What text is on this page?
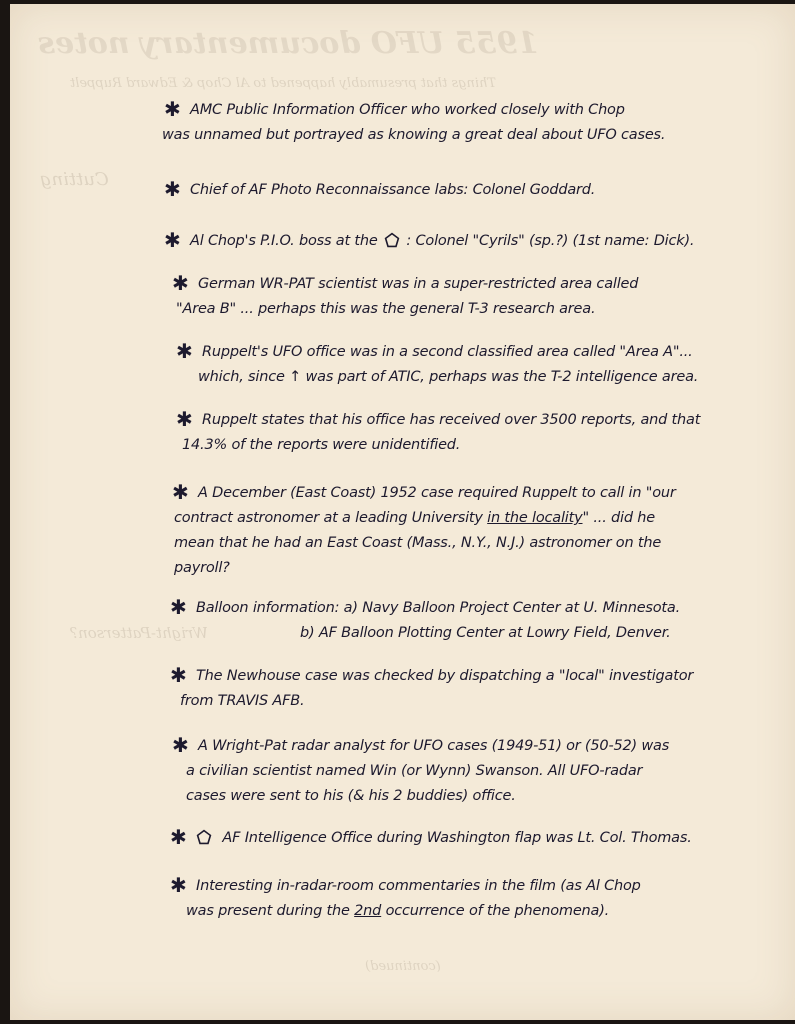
1955 UFO documentary notes
Things that presumably happened to Al Chop & Edward Ruppelt
Cutting
Wright-Patterson?
(continued)
✱ AMC Public Information Officer who worked closely with Chop
was unnamed but portrayed as knowing a great deal about UFO cases.
✱ Chief of AF Photo Reconnaissance labs: Colonel Goddard.
✱ Al Chop's P.I.O. boss at the : Colonel "Cyrils" (sp.?) (1st name: Dick).
✱ German WR-PAT scientist was in a super-restricted area called
"Area B" ... perhaps this was the general T-3 research area.
✱ Ruppelt's UFO office was in a second classified area called "Area A"...
which, since ↑ was part of ATIC, perhaps was the T-2 intelligence area.
✱ Ruppelt states that his office has received over 3500 reports, and that
14.3% of the reports were unidentified.
✱ A December (East Coast) 1952 case required Ruppelt to call in "our
contract astronomer at a leading University in the locality" ... did he
mean that he had an East Coast (Mass., N.Y., N.J.) astronomer on the
payroll?
✱ Balloon information: a) Navy Balloon Project Center at U. Minnesota.
b) AF Balloon Plotting Center at Lowry Field, Denver.
✱ The Newhouse case was checked by dispatching a "local" investigator
from TRAVIS AFB.
✱ A Wright-Pat radar analyst for UFO cases (1949-51) or (50-52) was
a civilian scientist named Win (or Wynn) Swanson. All UFO-radar
cases were sent to his (& his 2 buddies) office.
✱ AF Intelligence Office during Washington flap was Lt. Col. Thomas.
✱ Interesting in-radar-room commentaries in the film (as Al Chop
was present during the 2nd occurrence of the phenomena).
